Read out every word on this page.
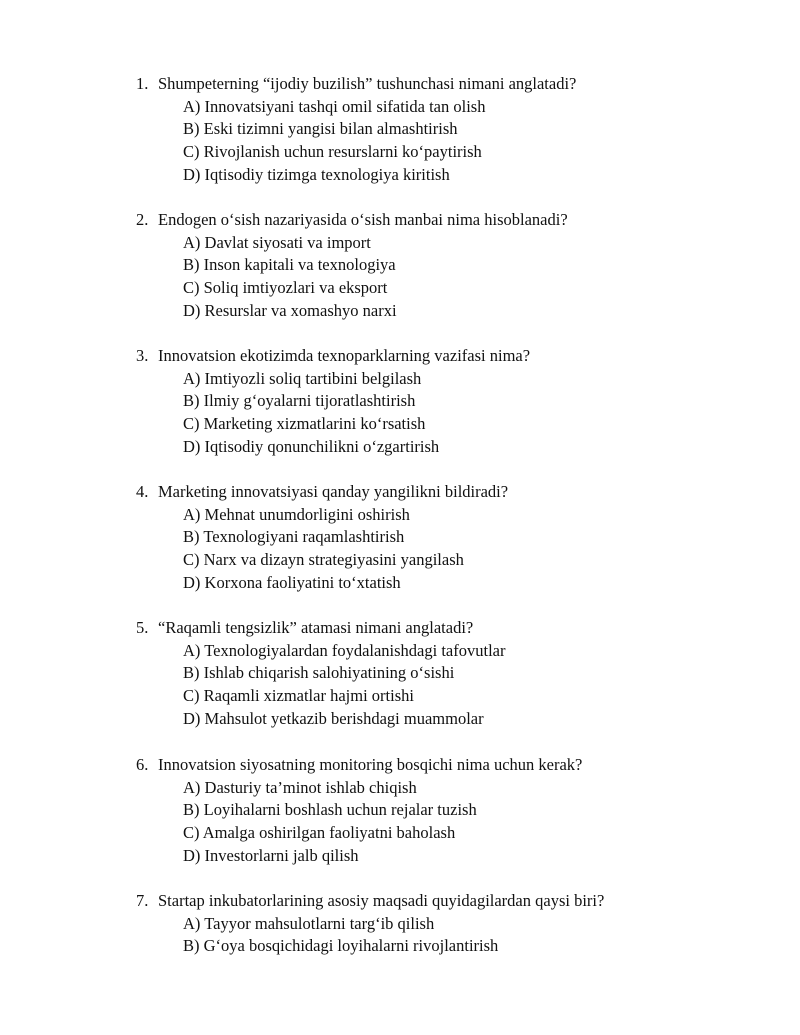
1. Shumpeterning “ijodiy buzilish” tushunchasi nimani anglatadi?
A) Innovatsiyani tashqi omil sifatida tan olish
B) Eski tizimni yangisi bilan almashtirish
C) Rivojlanish uchun resurslarni ko‘paytirish
D) Iqtisodiy tizimga texnologiya kiritish
2. Endogen o‘sish nazariyasida o‘sish manbai nima hisoblanadi?
A) Davlat siyosati va import
B) Inson kapitali va texnologiya
C) Soliq imtiyozlari va eksport
D) Resurslar va xomashyo narxi
3. Innovatsion ekotizimda texnoparklarning vazifasi nima?
A) Imtiyozli soliq tartibini belgilash
B) Ilmiy g‘oyalarni tijoratlashtirish
C) Marketing xizmatlarini ko‘rsatish
D) Iqtisodiy qonunchilikni o‘zgartirish
4. Marketing innovatsiyasi qanday yangilikni bildiradi?
A) Mehnat unumdorligini oshirish
B) Texnologiyani raqamlashtirish
C) Narx va dizayn strategiyasini yangilash
D) Korxona faoliyatini to‘xtatish
5. “Raqamli tengsizlik” atamasi nimani anglatadi?
A) Texnologiyalardan foydalanishdagi tafovutlar
B) Ishlab chiqarish salohiyatining o‘sishi
C) Raqamli xizmatlar hajmi ortishi
D) Mahsulot yetkazib berishdagi muammolar
6. Innovatsion siyosatning monitoring bosqichi nima uchun kerak?
A) Dasturiy ta’minot ishlab chiqish
B) Loyihalarni boshlash uchun rejalar tuzish
C) Amalga oshirilgan faoliyatni baholash
D) Investorlarni jalb qilish
7. Startap inkubatorlarining asosiy maqsadi quyidagilardan qaysi biri?
A) Tayyor mahsulotlarni targ‘ib qilish
B) G‘oya bosqichidagi loyihalarni rivojlantirish
